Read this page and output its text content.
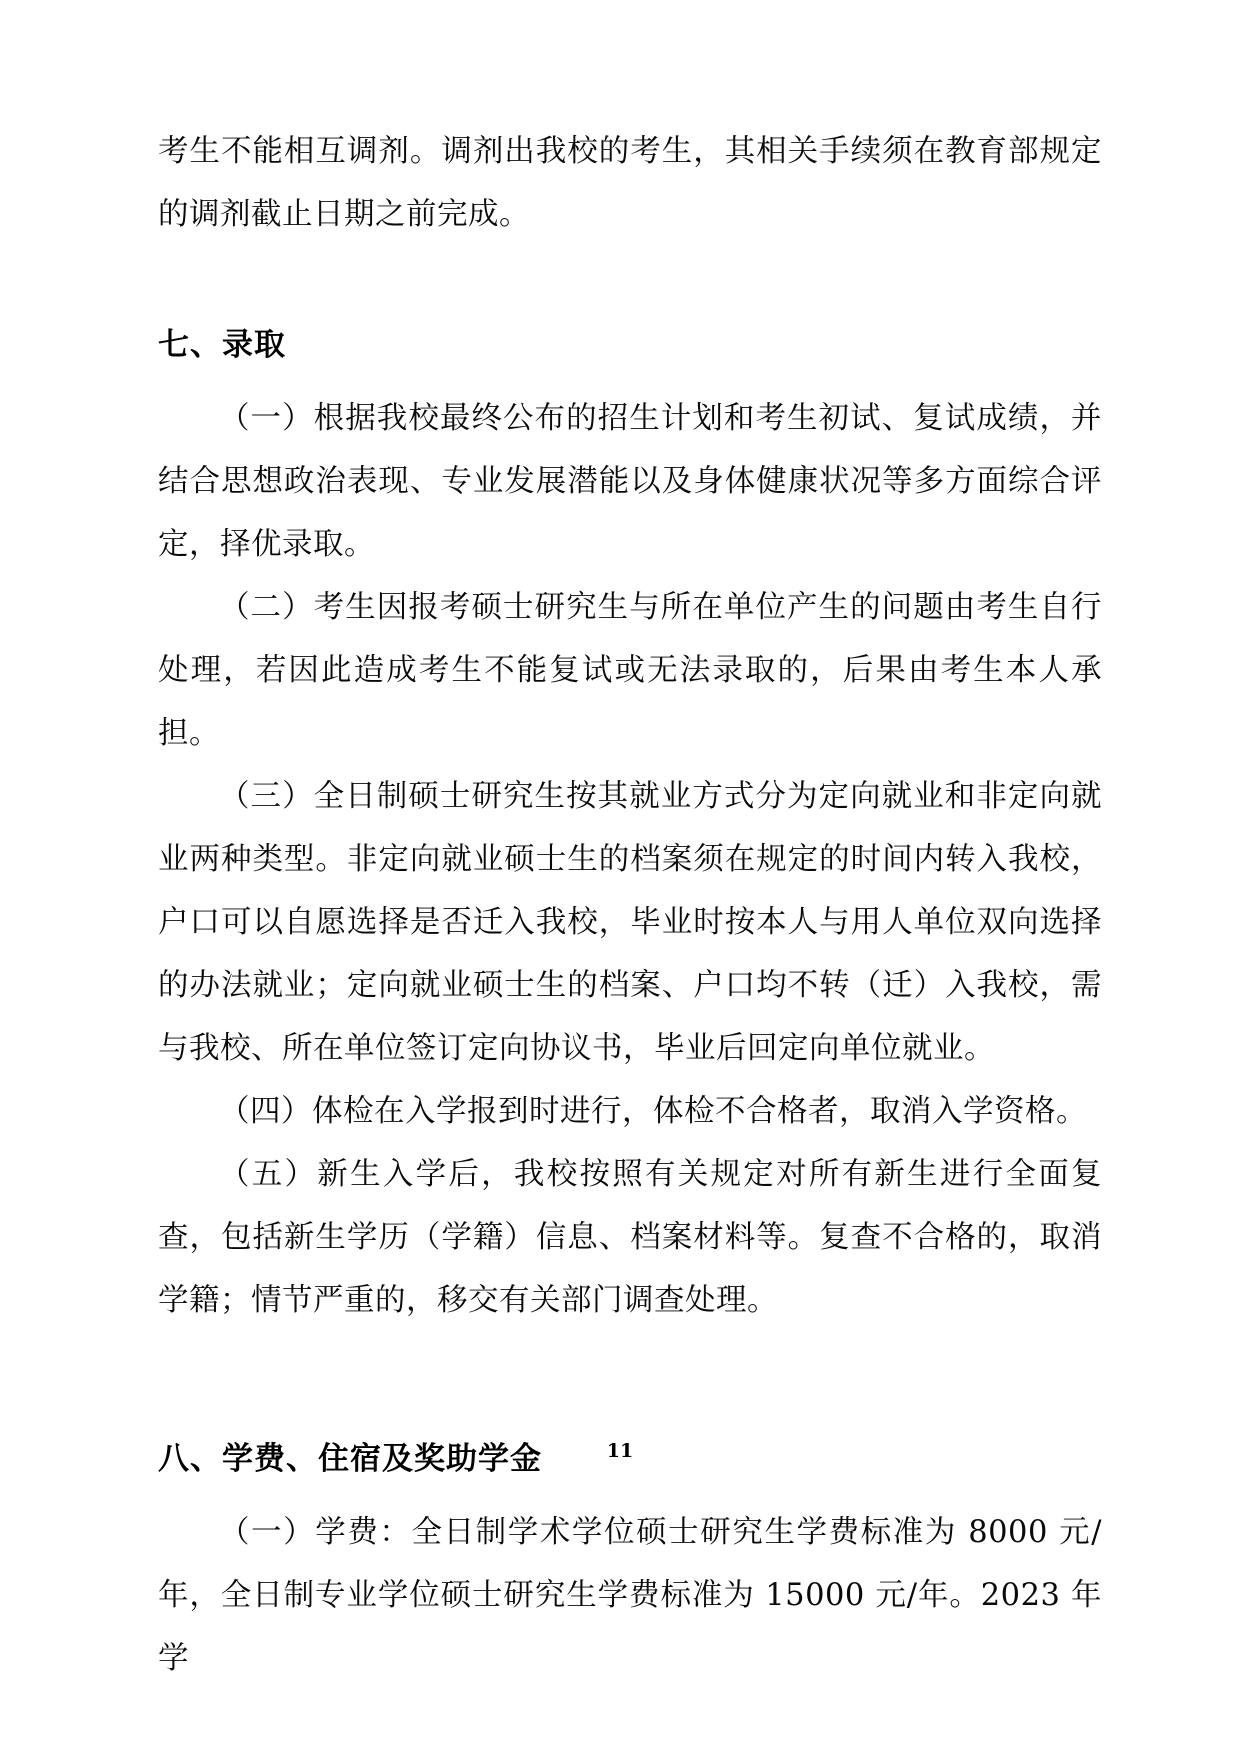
考生不能相互调剂。调剂出我校的考生，其相关手续须在教育部规定的调剂截止日期之前完成。

七、录取

（一）根据我校最终公布的招生计划和考生初试、复试成绩，并结合思想政治表现、专业发展潜能以及身体健康状况等多方面综合评定，择优录取。

（二）考生因报考硕士研究生与所在单位产生的问题由考生自行处理，若因此造成考生不能复试或无法录取的，后果由考生本人承担。

（三）全日制硕士研究生按其就业方式分为定向就业和非定向就业两种类型。非定向就业硕士生的档案须在规定的时间内转入我校，户口可以自愿选择是否迁入我校，毕业时按本人与用人单位双向选择的办法就业；定向就业硕士生的档案、户口均不转（迁）入我校，需与我校、所在单位签订定向协议书，毕业后回定向单位就业。

（四）体检在入学报到时进行，体检不合格者，取消入学资格。

（五）新生入学后，我校按照有关规定对所有新生进行全面复查，包括新生学历（学籍）信息、档案材料等。复查不合格的，取消学籍；情节严重的，移交有关部门调查处理。

八、学费、住宿及奖助学金

（一）学费：全日制学术学位硕士研究生学费标准为 8000 元/年，全日制专业学位硕士研究生学费标准为 15000 元/年。2023 年学

11
